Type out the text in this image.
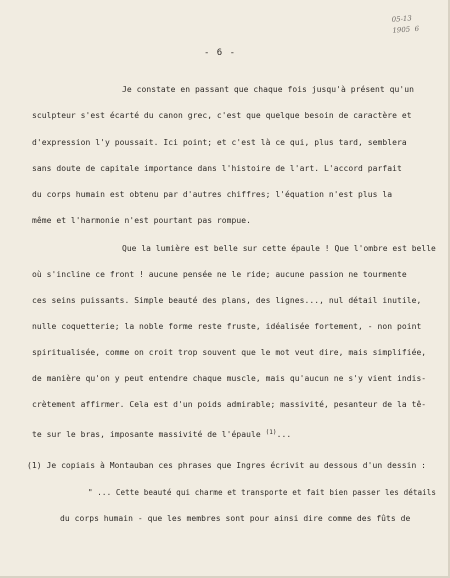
05-13
1905 6
- 6 -
Je constate en passant que chaque fois jusqu'à présent qu'un
sculpteur s'est écarté du canon grec, c'est que quelque besoin de caractère et
d'expression l'y poussait. Ici point; et c'est là ce qui, plus tard, semblera
sans doute de capitale importance dans l'histoire de l'art. L'accord parfait
du corps humain est obtenu par d'autres chiffres; l'équation n'est plus la
même et l'harmonie n'est pourtant pas rompue.
Que la lumière est belle sur cette épaule ! Que l'ombre est belle
où s'incline ce front ! aucune pensée ne le ride; aucune passion ne tourmente
ces seins puissants. Simple beauté des plans, des lignes..., nul détail inutile,
nulle coquetterie; la noble forme reste fruste, idéalisée fortement, - non point
spiritualisée, comme on croit trop souvent que le mot veut dire, mais simplifiée,
de manière qu'on y peut entendre chaque muscle, mais qu'aucun ne s'y vient indis-
crètement affirmer. Cela est d'un poids admirable; massivité, pesanteur de la tê-
te sur le bras, imposante massivité de l'épaule $^{(1)}$...
(1) Je copiais à Montauban ces phrases que Ingres écrivit au dessous d'un dessin :
" ... Cette beauté qui charme et transporte et fait bien passer les détails
du corps humain - que les membres sont pour ainsi dire comme des fûts de
